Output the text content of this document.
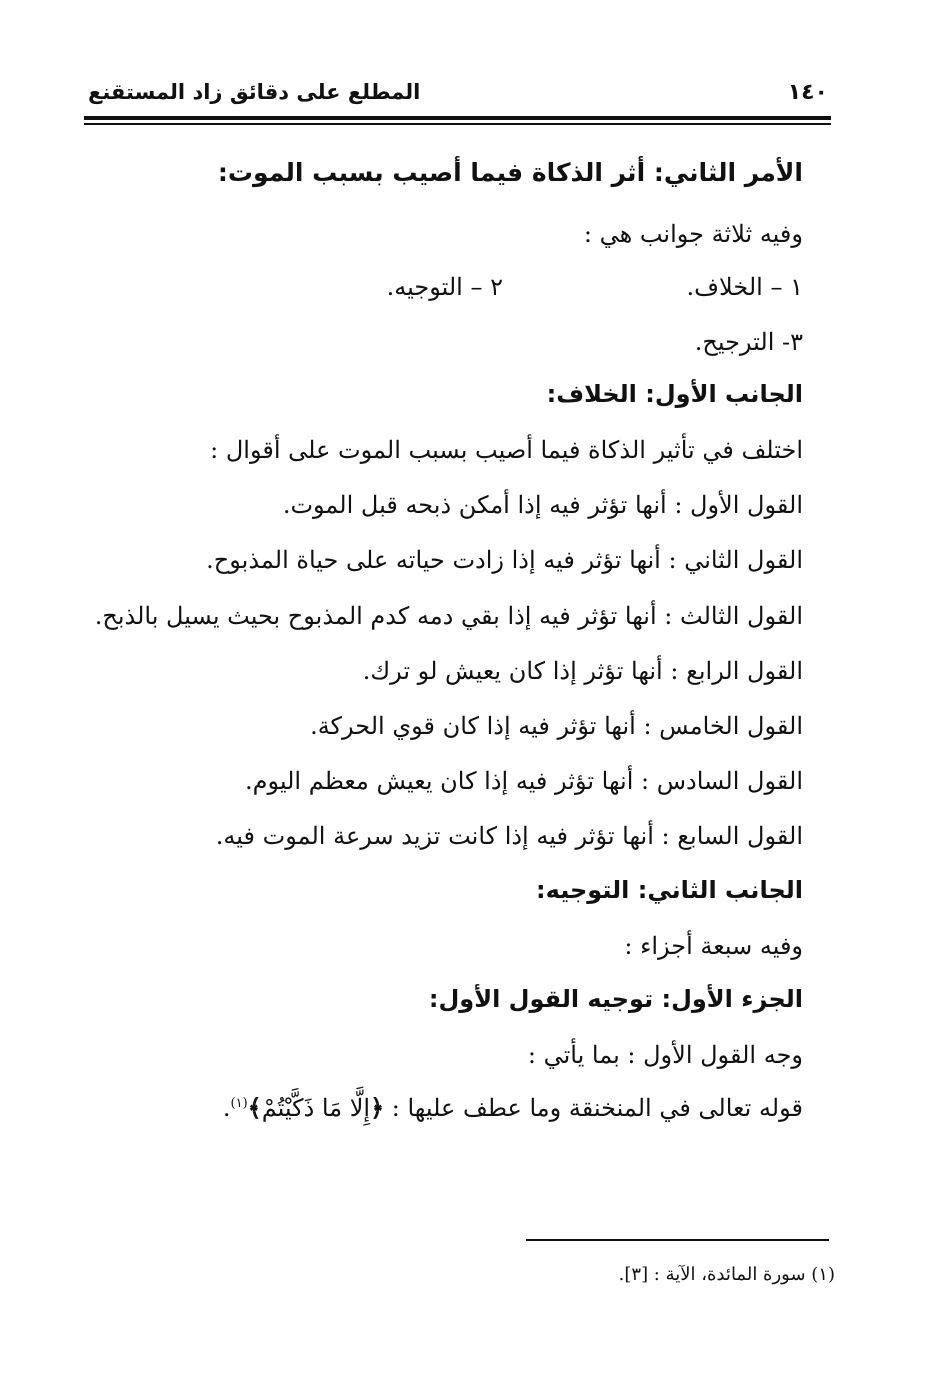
١٤٠
المطلع على دقائق زاد المستقنع
الأمر الثاني: أثر الذكاة فيما أصيب بسبب الموت:
وفيه ثلاثة جوانب هي :
١ – الخلاف.
٢ – التوجيه.
٣- الترجيح.
الجانب الأول: الخلاف:
اختلف في تأثير الذكاة فيما أصيب بسبب الموت على أقوال :
القول الأول : أنها تؤثر فيه إذا أمكن ذبحه قبل الموت.
القول الثاني : أنها تؤثر فيه إذا زادت حياته على حياة المذبوح.
القول الثالث : أنها تؤثر فيه إذا بقي دمه كدم المذبوح بحيث يسيل بالذبح.
القول الرابع : أنها تؤثر إذا كان يعيش لو ترك.
القول الخامس : أنها تؤثر فيه إذا كان قوي الحركة.
القول السادس : أنها تؤثر فيه إذا كان يعيش معظم اليوم.
القول السابع : أنها تؤثر فيه إذا كانت تزيد سرعة الموت فيه.
الجانب الثاني: التوجيه:
وفيه سبعة أجزاء :
الجزء الأول: توجيه القول الأول:
وجه القول الأول : بما يأتي :
قوله تعالى في المنخنقة وما عطف عليها : ﴿إِلَّا مَا ذَكَّيْتُمْ﴾$^{(١)}$.
(١) سورة المائدة، الآية : [٣].
